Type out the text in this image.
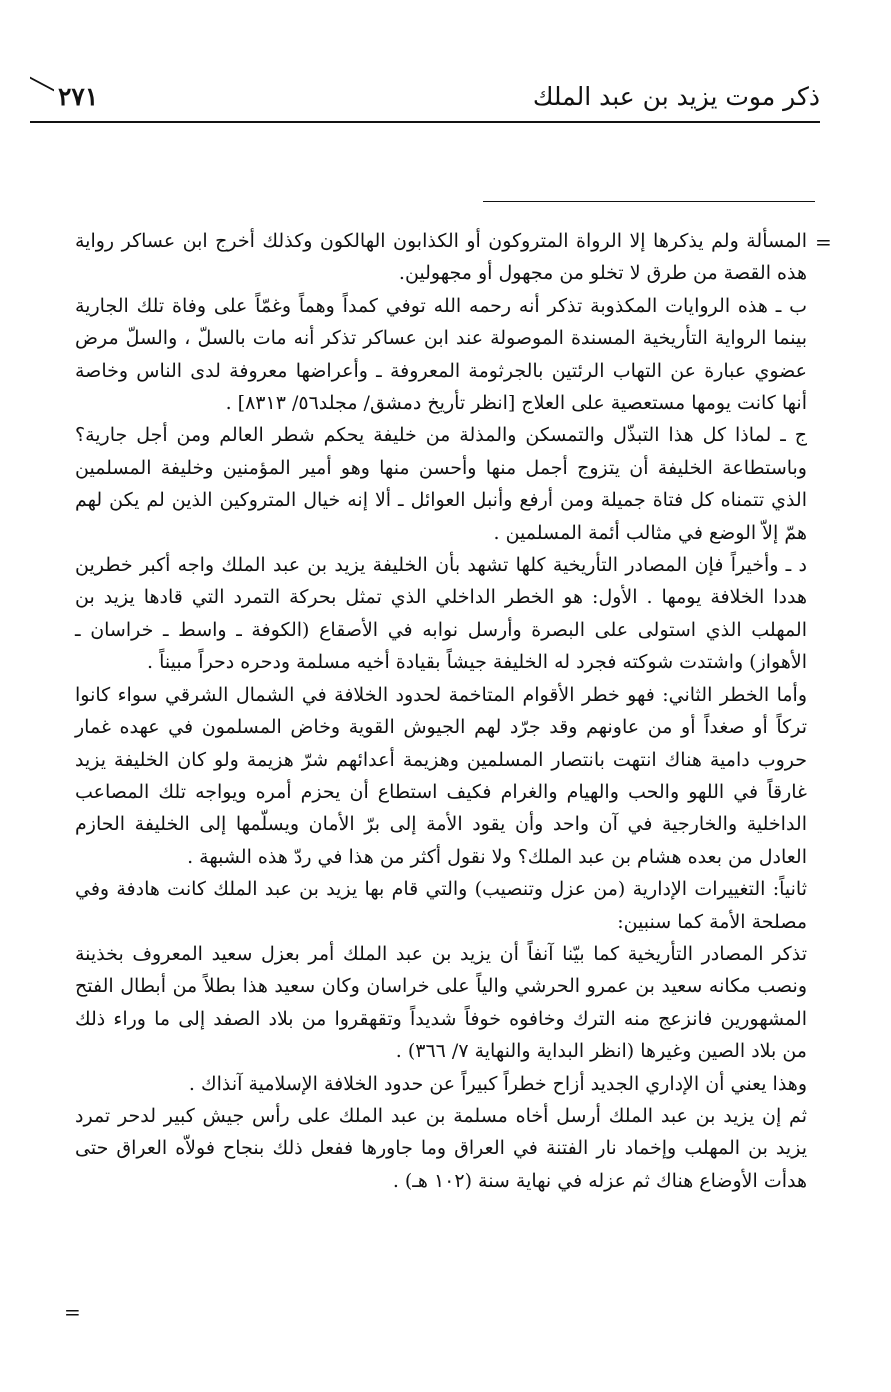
ذكر موت يزيد بن عبد الملك
٢٧١
=

المسألة ولم يذكرها إلا الرواة المتروكون أو الكذابون الهالكون وكذلك أخرج ابن عساكر رواية هذه القصة من طرق لا تخلو من مجهول أو مجهولين.

ب ـ هذه الروايات المكذوبة تذكر أنه رحمه الله توفي كمداً وهماً وغمّاً على وفاة تلك الجارية بينما الرواية التأريخية المسندة الموصولة عند ابن عساكر تذكر أنه مات بالسلّ ، والسلّ مرض عضوي عبارة عن التهاب الرئتين بالجرثومة المعروفة ـ وأعراضها معروفة لدى الناس وخاصة أنها كانت يومها مستعصية على العلاج [انظر تأريخ دمشق/ مجلد٥٦/ ٨٣١٣] .

ج ـ لماذا كل هذا التبذّل والتمسكن والمذلة من خليفة يحكم شطر العالم ومن أجل جارية؟ وباستطاعة الخليفة أن يتزوج أجمل منها وأحسن منها وهو أمير المؤمنين وخليفة المسلمين الذي تتمناه كل فتاة جميلة ومن أرفع وأنبل العوائل ـ ألا إنه خيال المتروكين الذين لم يكن لهم همّ إلاّ الوضع في مثالب أئمة المسلمين .

د ـ وأخيراً فإن المصادر التأريخية كلها تشهد بأن الخليفة يزيد بن عبد الملك واجه أكبر خطرين هددا الخلافة يومها . الأول: هو الخطر الداخلي الذي تمثل بحركة التمرد التي قادها يزيد بن المهلب الذي استولى على البصرة وأرسل نوابه في الأصقاع (الكوفة ـ واسط ـ خراسان ـ الأهواز) واشتدت شوكته فجرد له الخليفة جيشاً بقيادة أخيه مسلمة ودحره دحراً مبيناً .

وأما الخطر الثاني: فهو خطر الأقوام المتاخمة لحدود الخلافة في الشمال الشرقي سواء كانوا تركاً أو صغداً أو من عاونهم وقد جرّد لهم الجيوش القوية وخاض المسلمون في عهده غمار حروب دامية هناك انتهت بانتصار المسلمين وهزيمة أعدائهم شرّ هزيمة ولو كان الخليفة يزيد غارقاً في اللهو والحب والهيام والغرام فكيف استطاع أن يحزم أمره ويواجه تلك المصاعب الداخلية والخارجية في آن واحد وأن يقود الأمة إلى برّ الأمان ويسلّمها إلى الخليفة الحازم العادل من بعده هشام بن عبد الملك؟ ولا نقول أكثر من هذا في ردّ هذه الشبهة .

ثانياً: التغييرات الإدارية (من عزل وتنصيب) والتي قام بها يزيد بن عبد الملك كانت هادفة وفي مصلحة الأمة كما سنبين:

تذكر المصادر التأريخية كما بيّنا آنفاً أن يزيد بن عبد الملك أمر بعزل سعيد المعروف بخذينة ونصب مكانه سعيد بن عمرو الحرشي والياً على خراسان وكان سعيد هذا بطلاً من أبطال الفتح المشهورين فانزعج منه الترك وخافوه خوفاً شديداً وتقهقروا من بلاد الصفد إلى ما وراء ذلك من بلاد الصين وغيرها (انظر البداية والنهاية ٧/ ٣٦٦) .

وهذا يعني أن الإداري الجديد أزاح خطراً كبيراً عن حدود الخلافة الإسلامية آنذاك .

ثم إن يزيد بن عبد الملك أرسل أخاه مسلمة بن عبد الملك على رأس جيش كبير لدحر تمرد يزيد بن المهلب وإخماد نار الفتنة في العراق وما جاورها ففعل ذلك بنجاح فولاّه العراق حتى هدأت الأوضاع هناك ثم عزله في نهاية سنة (١٠٢ هـ) .

=
